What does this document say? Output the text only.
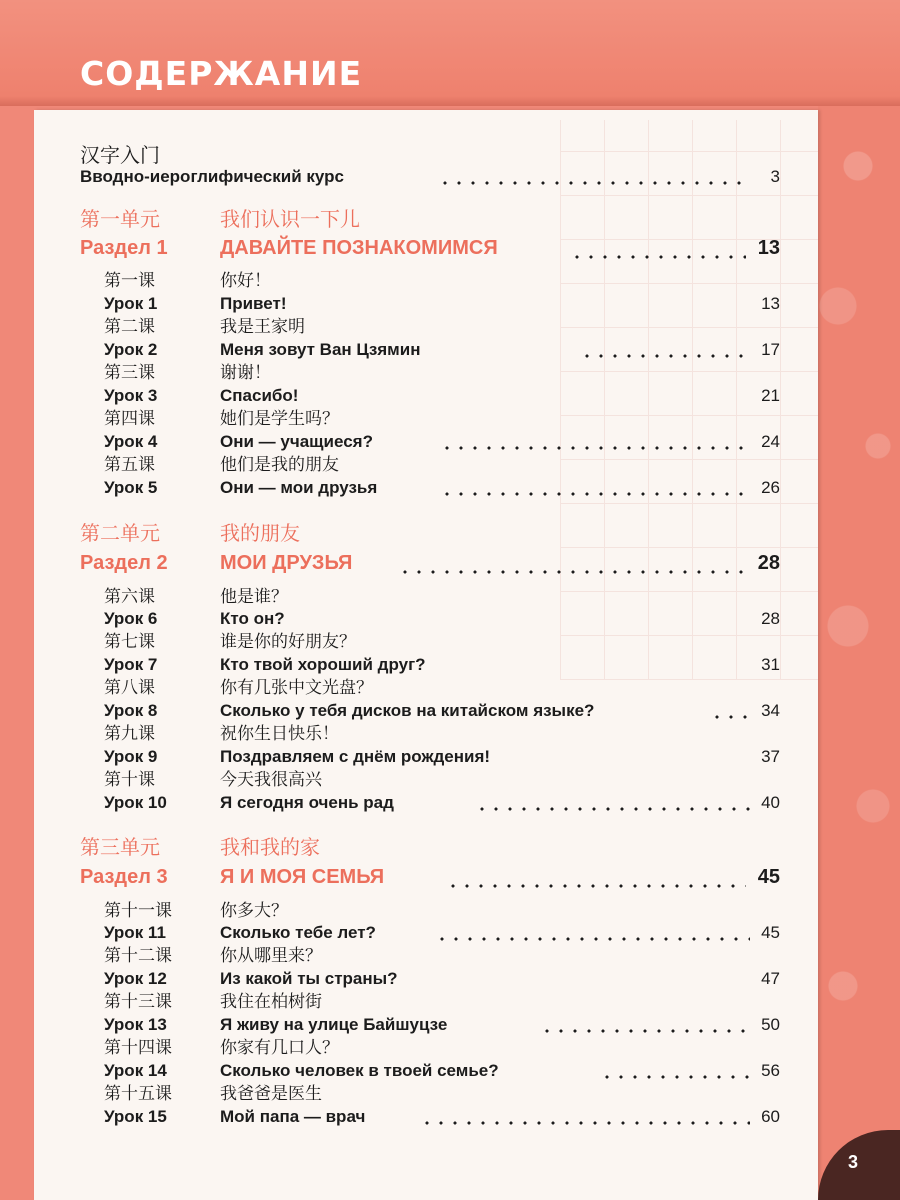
СОДЕРЖАНИЕ
汉字入门
Вводно-иероглифический курс	3
第一单元	我们认识一下儿
Раздел 1	ДАВАЙТЕ ПОЗНАКОМИМСЯ	13
第一课	你好！
Урок 1	Привет!	13
第二课	我是王家明
Урок 2	Меня зовут Ван Цзямин	17
第三课	谢谢！
Урок 3	Спасибо!	21
第四课	她们是学生吗？
Урок 4	Они — учащиеся?	24
第五课	他们是我的朋友
Урок 5	Они — мои друзья	26
第二单元	我的朋友
Раздел 2	МОИ ДРУЗЬЯ	28
第六课	他是谁？
Урок 6	Кто он?	28
第七课	谁是你的好朋友？
Урок 7	Кто твой хороший друг?	31
第八课	你有几张中文光盘？
Урок 8	Сколько у тебя дисков на китайском языке?	34
第九课	祝你生日快乐！
Урок 9	Поздравляем с днём рождения!	37
第十课	今天我很高兴
Урок 10	Я сегодня очень рад	40
第三单元	我和我的家
Раздел 3	Я И МОЯ СЕМЬЯ	45
第十一课	你多大？
Урок 11	Сколько тебе лет?	45
第十二课	你从哪里来？
Урок 12	Из какой ты страны?	47
第十三课	我住在柏树街
Урок 13	Я живу на улице Байшуцзе	50
第十四课	你家有几口人？
Урок 14	Сколько человек в твоей семье?	56
第十五课	我爸爸是医生
Урок 15	Мой папа — врач	60
3
